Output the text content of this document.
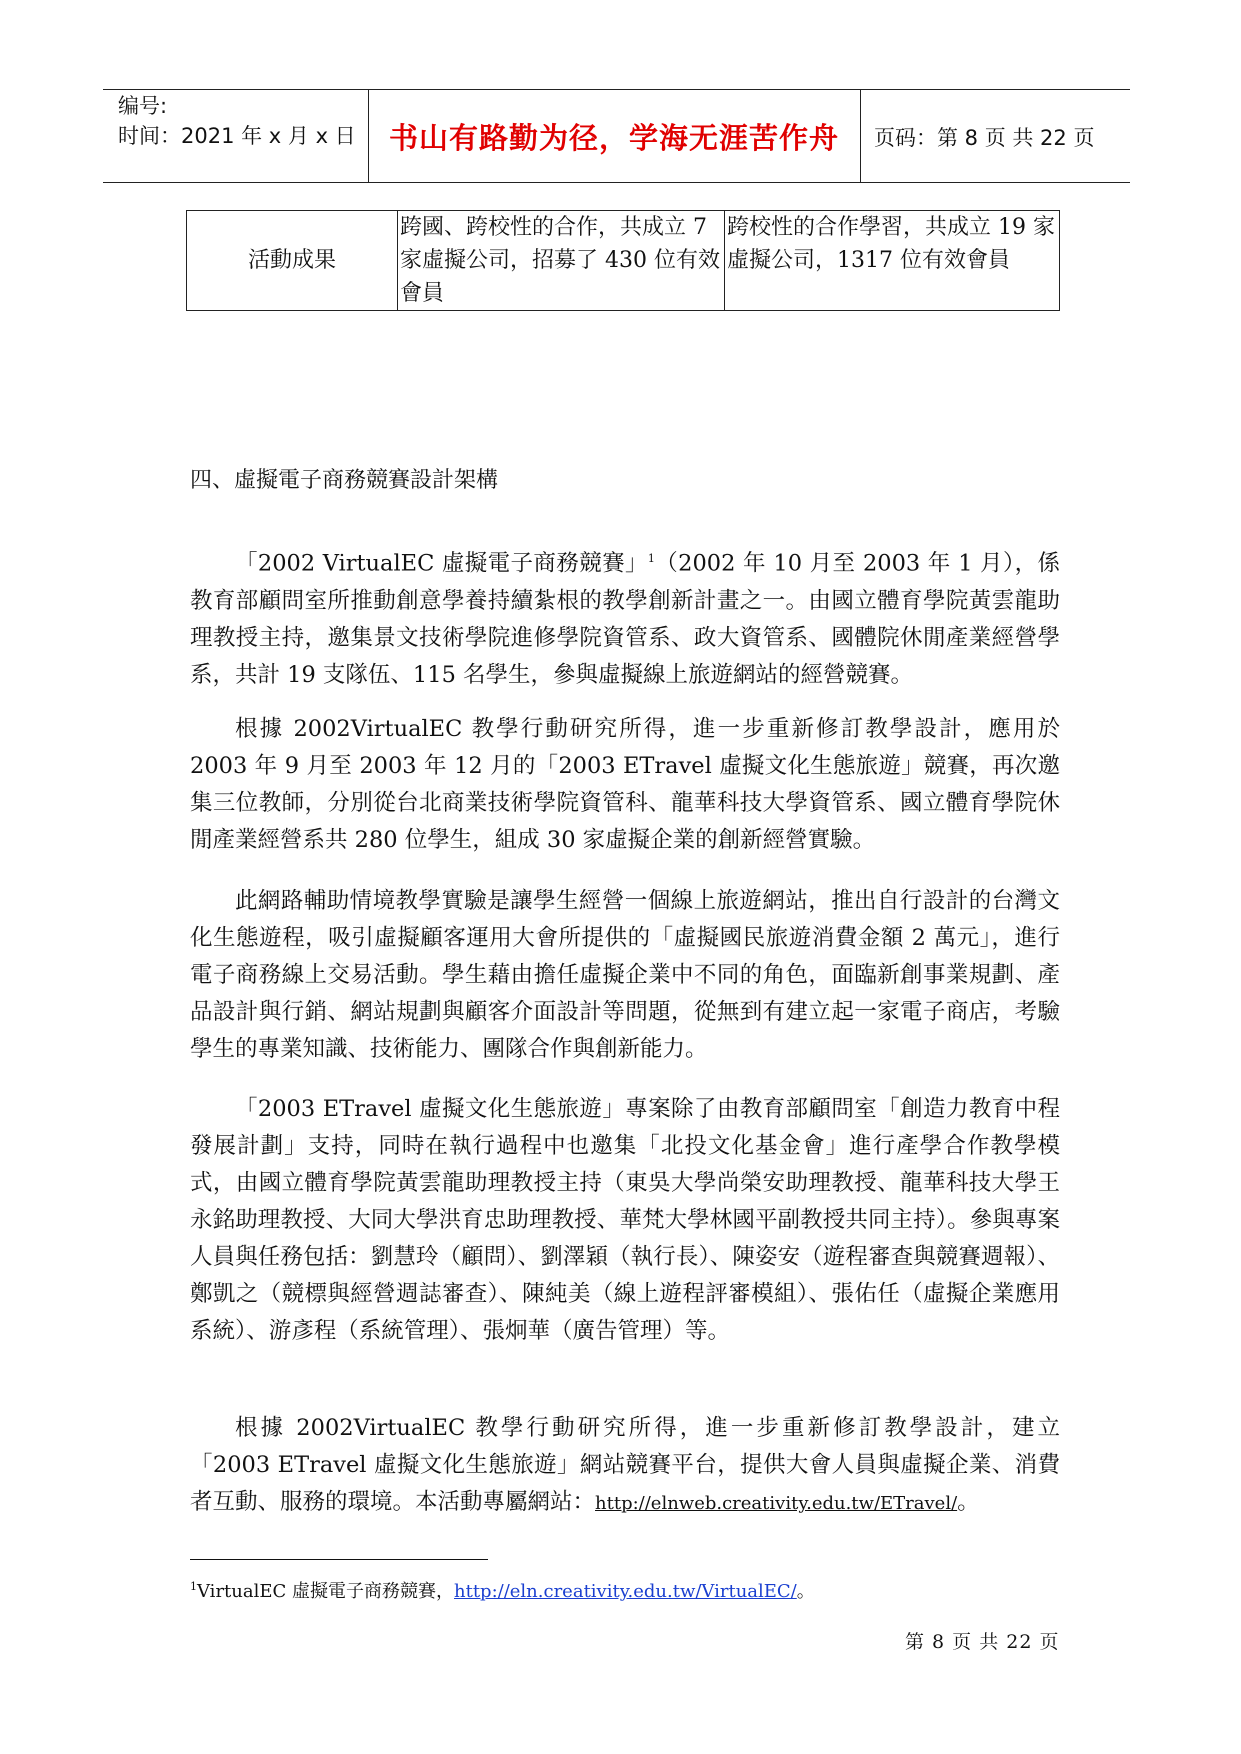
编号:
时间：2021 年 x 月 x 日	书山有路勤为径，学海无涯苦作舟	页码：第 8 页 共 22 页
活動成果	跨國、跨校性的合作，共成立 7 家虛擬公司，招募了 430 位有效會員	跨校性的合作學習，共成立 19 家虛擬公司，1317 位有效會員
四、虛擬電子商務競賽設計架構

「2002 VirtualEC 虛擬電子商務競賽」$^1$（2002 年 10 月至 2003 年 1 月），係教育部顧問室所推動創意學養持續紮根的教學創新計畫之一。由國立體育學院黃雲龍助理教授主持，邀集景文技術學院進修學院資管系、政大資管系、國體院休閒產業經營學系，共計 19 支隊伍、115 名學生，參與虛擬線上旅遊網站的經營競賽。

根據 2002VirtualEC 教學行動研究所得，進一步重新修訂教學設計，應用於 2003 年 9 月至 2003 年 12 月的「2003 ETravel 虛擬文化生態旅遊」競賽，再次邀集三位教師，分別從台北商業技術學院資管科、龍華科技大學資管系、國立體育學院休閒產業經營系共 280 位學生，組成 30 家虛擬企業的創新經營實驗。

此網路輔助情境教學實驗是讓學生經營一個線上旅遊網站，推出自行設計的台灣文化生態遊程，吸引虛擬顧客運用大會所提供的「虛擬國民旅遊消費金額 2 萬元」，進行電子商務線上交易活動。學生藉由擔任虛擬企業中不同的角色，面臨新創事業規劃、產品設計與行銷、網站規劃與顧客介面設計等問題，從無到有建立起一家電子商店，考驗學生的專業知識、技術能力、團隊合作與創新能力。

「2003 ETravel 虛擬文化生態旅遊」專案除了由教育部顧問室「創造力教育中程發展計劃」支持，同時在執行過程中也邀集「北投文化基金會」進行產學合作教學模式，由國立體育學院黃雲龍助理教授主持（東吳大學尚榮安助理教授、龍華科技大學王永銘助理教授、大同大學洪育忠助理教授、華梵大學林國平副教授共同主持）。參與專案人員與任務包括：劉慧玲（顧問）、劉澤穎（執行長）、陳姿安（遊程審查與競賽週報）、鄭凱之（競標與經營週誌審查）、陳純美（線上遊程評審模組）、張佑任（虛擬企業應用系統）、游彥程（系統管理）、張炯華（廣告管理）等。

根據 2002VirtualEC 教學行動研究所得，進一步重新修訂教學設計，建立「2003 ETravel 虛擬文化生態旅遊」網站競賽平台，提供大會人員與虛擬企業、消費者互動、服務的環境。本活動專屬網站：http://elnweb.creativity.edu.tw/ETravel/。

$^1$VirtualEC 虛擬電子商務競賽，http://eln.creativity.edu.tw/VirtualEC/。
第 8 页 共 22 页
